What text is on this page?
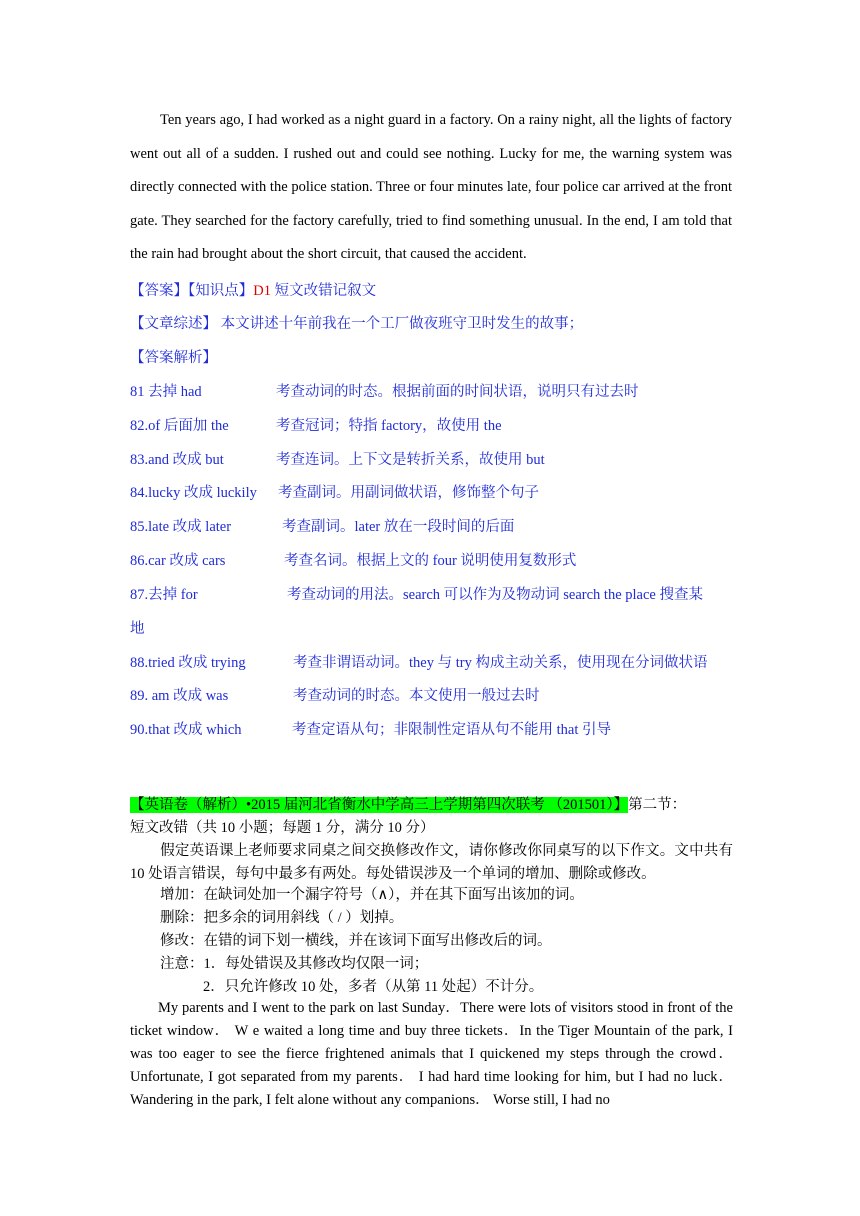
Ten years ago, I had worked as a night guard in a factory. On a rainy night, all the lights of factory went out all of a sudden. I rushed out and could see nothing. Lucky for me, the warning system was directly connected with the police station. Three or four minutes late, four police car arrived at the front gate. They searched for the factory carefully, tried to find something unusual. In the end, I am told that the rain had brought about the short circuit, that caused the accident.

【答案】【知识点】D1 短文改错记叙文
【文章综述】 本文讲述十年前我在一个工厂做夜班守卫时发生的故事；
【答案解析】
81 去掉 had	考查动词的时态。根据前面的时间状语，说明只有过去时
82.of 后面加 the	考查冠词；特指 factory，故使用 the
83.and 改成 but	考查连词。上下文是转折关系，故使用 but
84.lucky 改成 luckily 考查副词。用副词做状语，修饰整个句子
85.late 改成 later	考查副词。later 放在一段时间的后面
86.car 改成 cars	考查名词。根据上文的 four 说明使用复数形式
87.去掉 for	考查动词的用法。search 可以作为及物动词 search the place 搜查某
地
88.tried 改成 trying	考查非谓语动词。they 与 try 构成主动关系，使用现在分词做状语
89. am 改成 was	考查动词的时态。本文使用一般过去时
90.that 改成 which	考查定语从句；非限制性定语从句不能用 that 引导

【英语卷（解析）•2015 届河北省衡水中学高三上学期第四次联考 （201501）】第二节：
短文改错（共 10 小题；每题 1 分，满分 10 分）

假定英语课上老师要求同桌之间交换修改作文，请你修改你同桌写的以下作文。文中共有 10 处语言错误，每句中最多有两处。每处错误涉及一个单词的增加、删除或修改。

增加：在缺词处加一个漏字符号（∧），并在其下面写出该加的词。
删除：把多余的词用斜线（ / ）划掉。
修改：在错的词下划一横线，并在该词下面写出修改后的词。
注意：1．每处错误及其修改均仅限一词；
2．只允许修改 10 处，多者（从第 11 处起）不计分。

My parents and I went to the park on last Sunday．There were lots of visitors stood in front of the ticket window． W e waited a long time and buy three tickets．In the Tiger Mountain of the park, I was too eager to see the fierce frightened animals that I quickened my steps through the crowd． Unfortunate, I got separated from my parents． I had hard time looking for him, but I had no luck．Wandering in the park, I felt alone without any companions． Worse still, I had no
